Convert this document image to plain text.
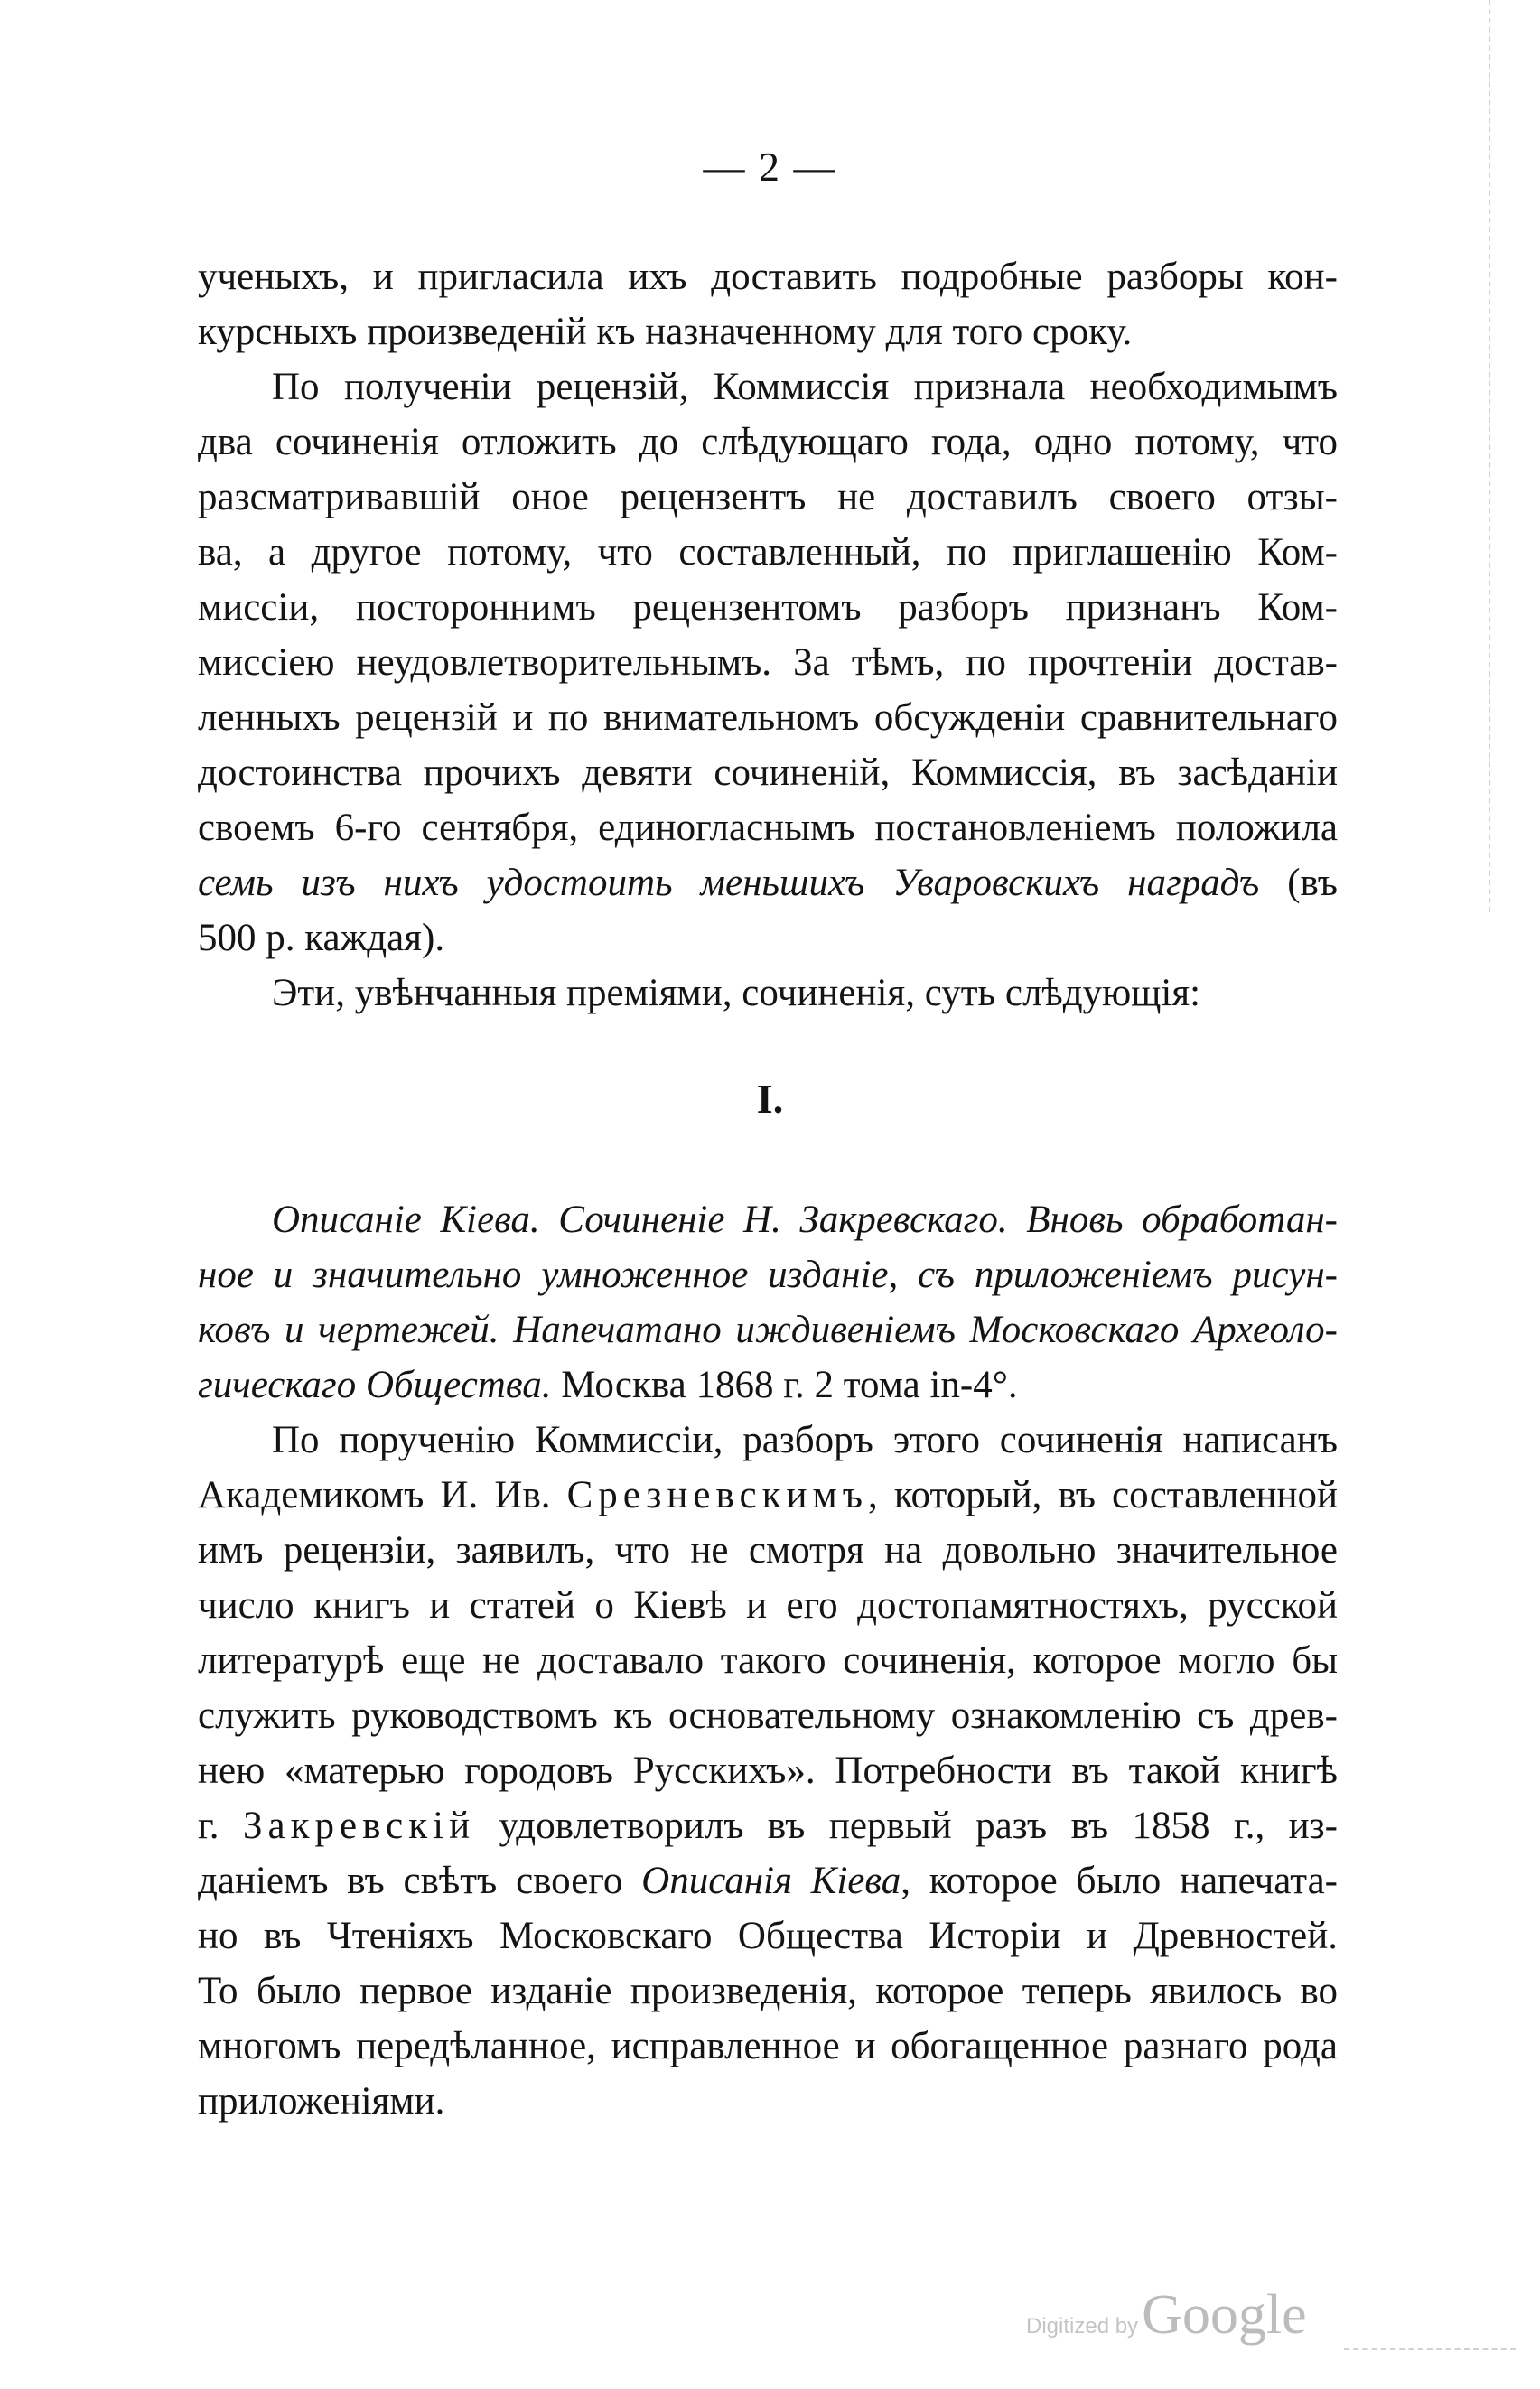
— 2 —
ученыхъ, и пригласила ихъ доставить подробные разборы кон-
курсныхъ произведеній къ назначенному для того сроку.
По полученіи рецензій, Коммиссія признала необходимымъ
два сочиненія отложить до слѣдующаго года, одно потому, что
разсматривавшій оное рецензентъ не доставилъ своего отзы-
ва, а другое потому, что составленный, по приглашенію Ком-
миссіи, постороннимъ рецензентомъ разборъ признанъ Ком-
миссіею неудовлетворительнымъ. За тѣмъ, по прочтеніи достав-
ленныхъ рецензій и по внимательномъ обсужденіи сравнительнаго
достоинства прочихъ девяти сочиненій, Коммиссія, въ засѣданіи
своемъ 6-го сентября, единогласнымъ постановленіемъ положила
семь изъ нихъ удостоить меньшихъ Уваровскихъ наградъ (въ
500 р. каждая).
Эти, увѣнчанныя преміями, сочиненія, суть слѣдующія:
I.
Описаніе Кіева. Сочиненіе Н. Закревскаго. Вновь обработан-
ное и значительно умноженное изданіе, съ приложеніемъ рисун-
ковъ и чертежей. Напечатано иждивеніемъ Московскаго Археоло-
гическаго Общества. Москва 1868 г. 2 тома in-4°.
По порученію Коммиссіи, разборъ этого сочиненія написанъ
Академикомъ И. Ив. Срезневскимъ, который, въ составленной
имъ рецензіи, заявилъ, что не смотря на довольно значительное
число книгъ и статей о Кіевѣ и его достопамятностяхъ, русской
литературѣ еще не доставало такого сочиненія, которое могло бы
служить руководствомъ къ основательному ознакомленію съ древ-
нею «матерью городовъ Русскихъ». Потребности въ такой книгѣ
г. Закревскій удовлетворилъ въ первый разъ въ 1858 г., из-
даніемъ въ свѣтъ своего Описанія Кіева, которое было напечата-
но въ Чтеніяхъ Московскаго Общества Исторіи и Древностей.
То было первое изданіе произведенія, которое теперь явилось во
многомъ передѣланное, исправленное и обогащенное разнаго рода
приложеніями.
Digitized by Google
